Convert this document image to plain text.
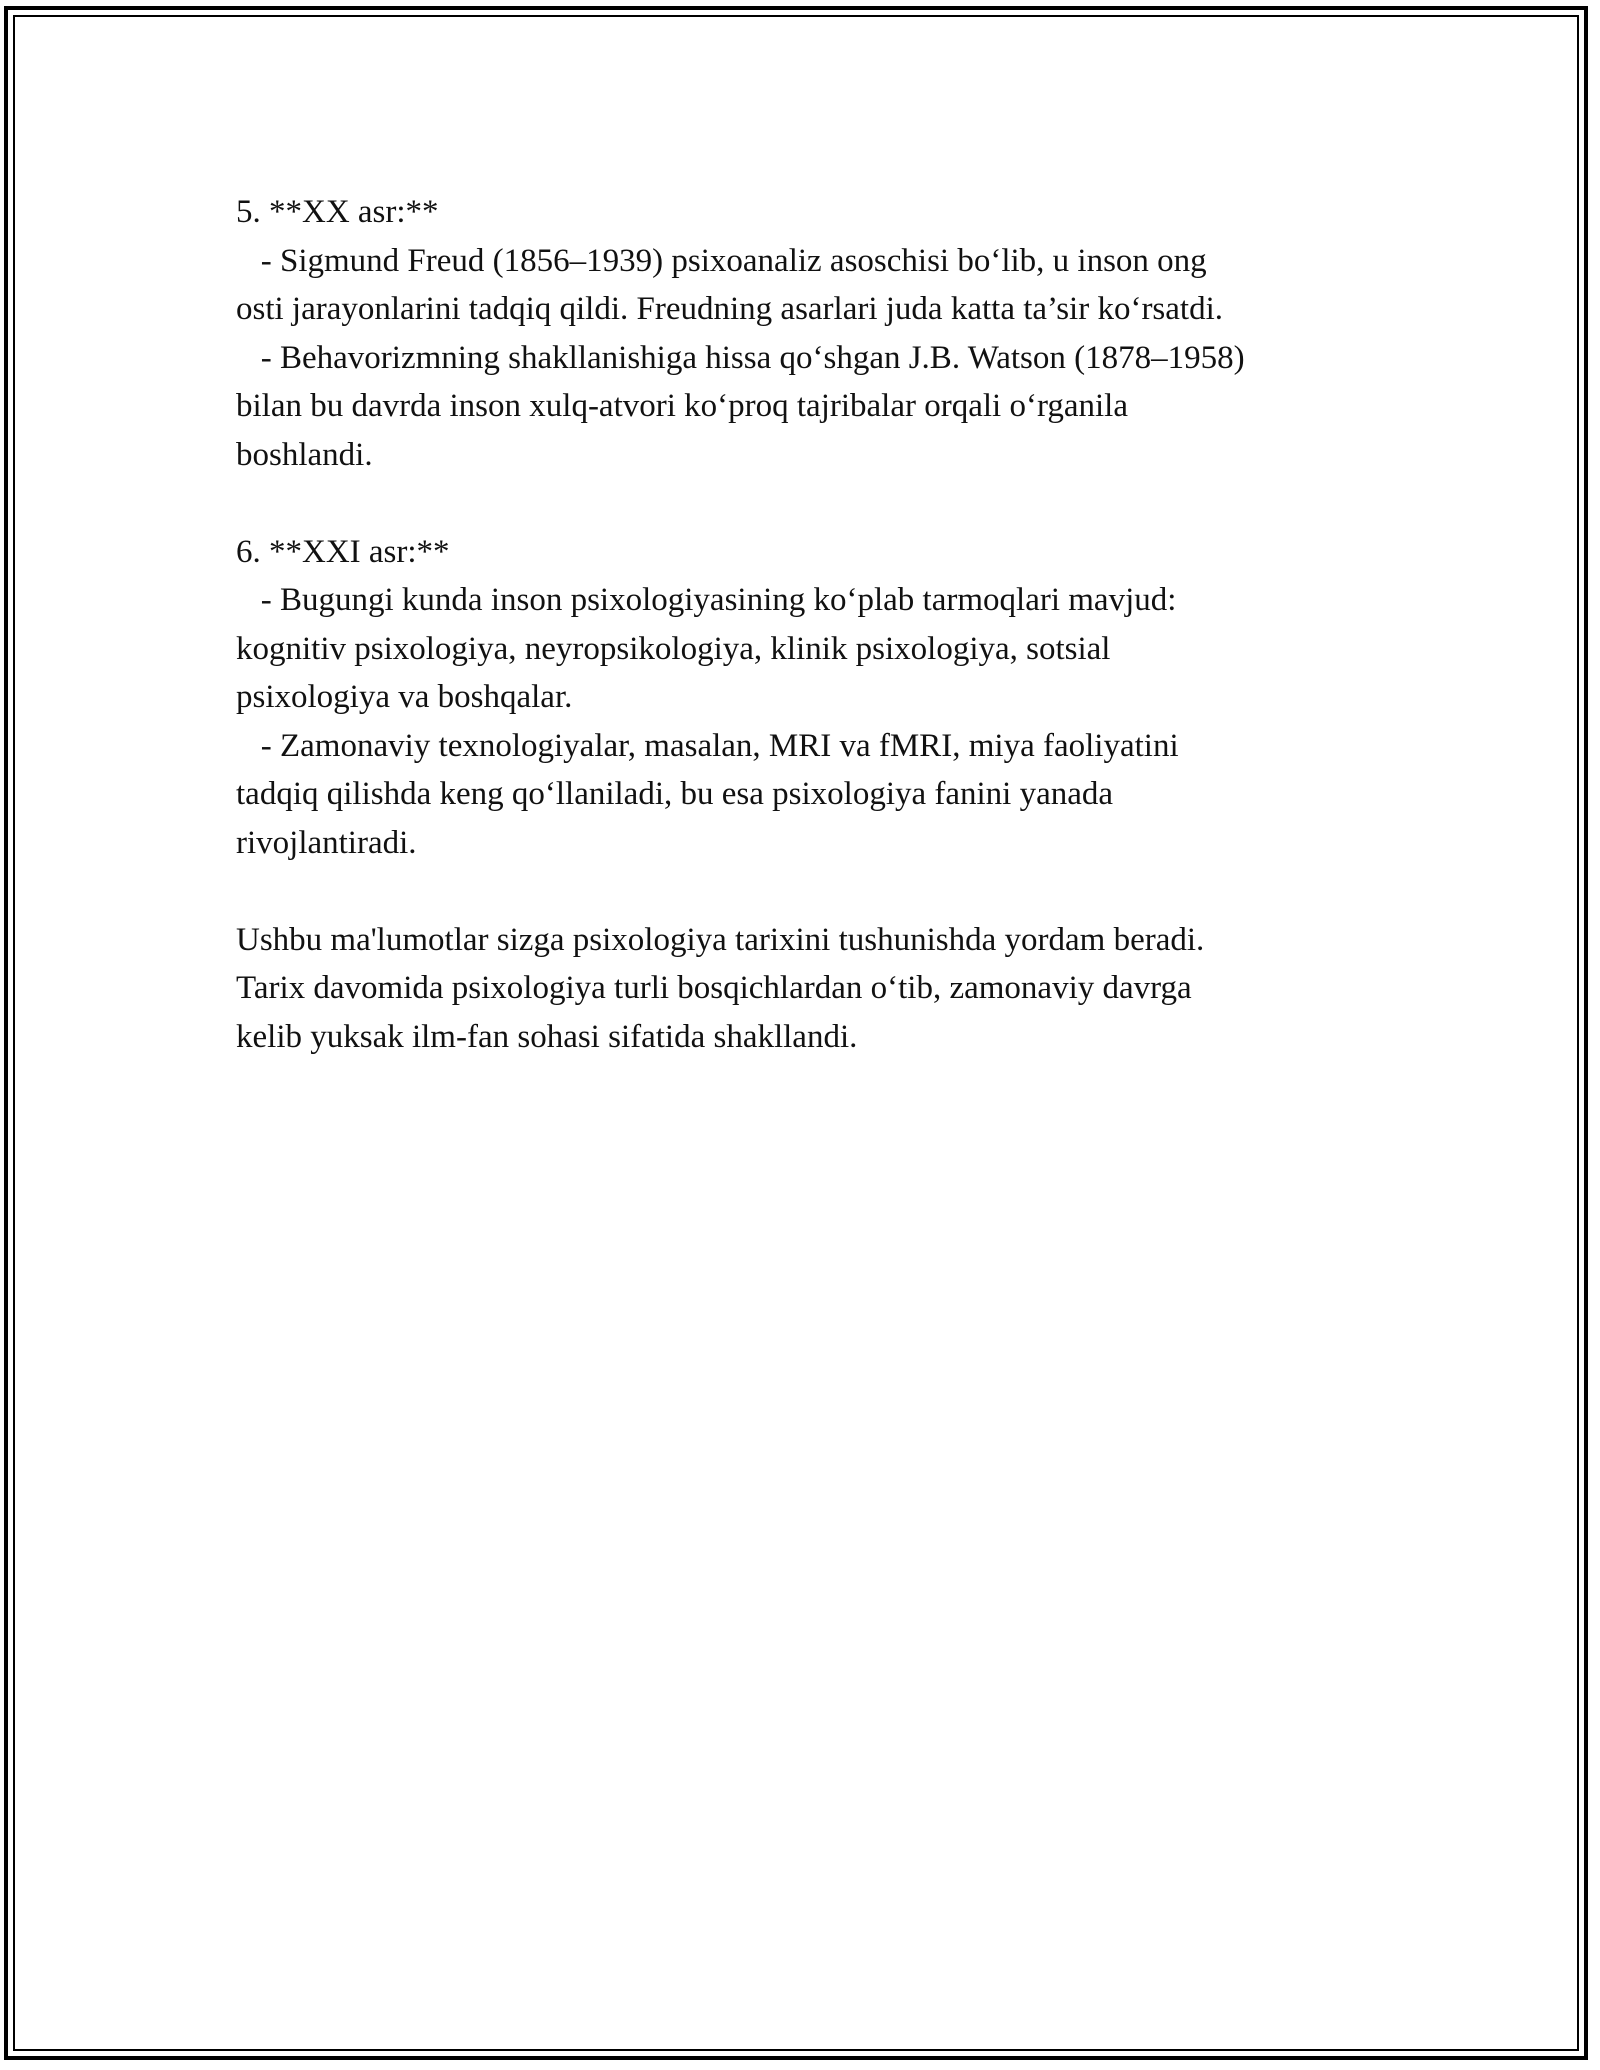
5. **XX asr:**
- Sigmund Freud (1856–1939) psixoanaliz asoschisi bo‘lib, u inson ong
osti jarayonlarini tadqiq qildi. Freudning asarlari juda katta ta’sir ko‘rsatdi.
- Behavorizmning shakllanishiga hissa qo‘shgan J.B. Watson (1878–1958)
bilan bu davrda inson xulq-atvori ko‘proq tajribalar orqali o‘rganila
boshlandi.
6. **XXI asr:**
- Bugungi kunda inson psixologiyasining ko‘plab tarmoqlari mavjud:
kognitiv psixologiya, neyropsikologiya, klinik psixologiya, sotsial
psixologiya va boshqalar.
- Zamonaviy texnologiyalar, masalan, MRI va fMRI, miya faoliyatini
tadqiq qilishda keng qo‘llaniladi, bu esa psixologiya fanini yanada
rivojlantiradi.
Ushbu ma'lumotlar sizga psixologiya tarixini tushunishda yordam beradi.
Tarix davomida psixologiya turli bosqichlardan o‘tib, zamonaviy davrga
kelib yuksak ilm-fan sohasi sifatida shakllandi.
